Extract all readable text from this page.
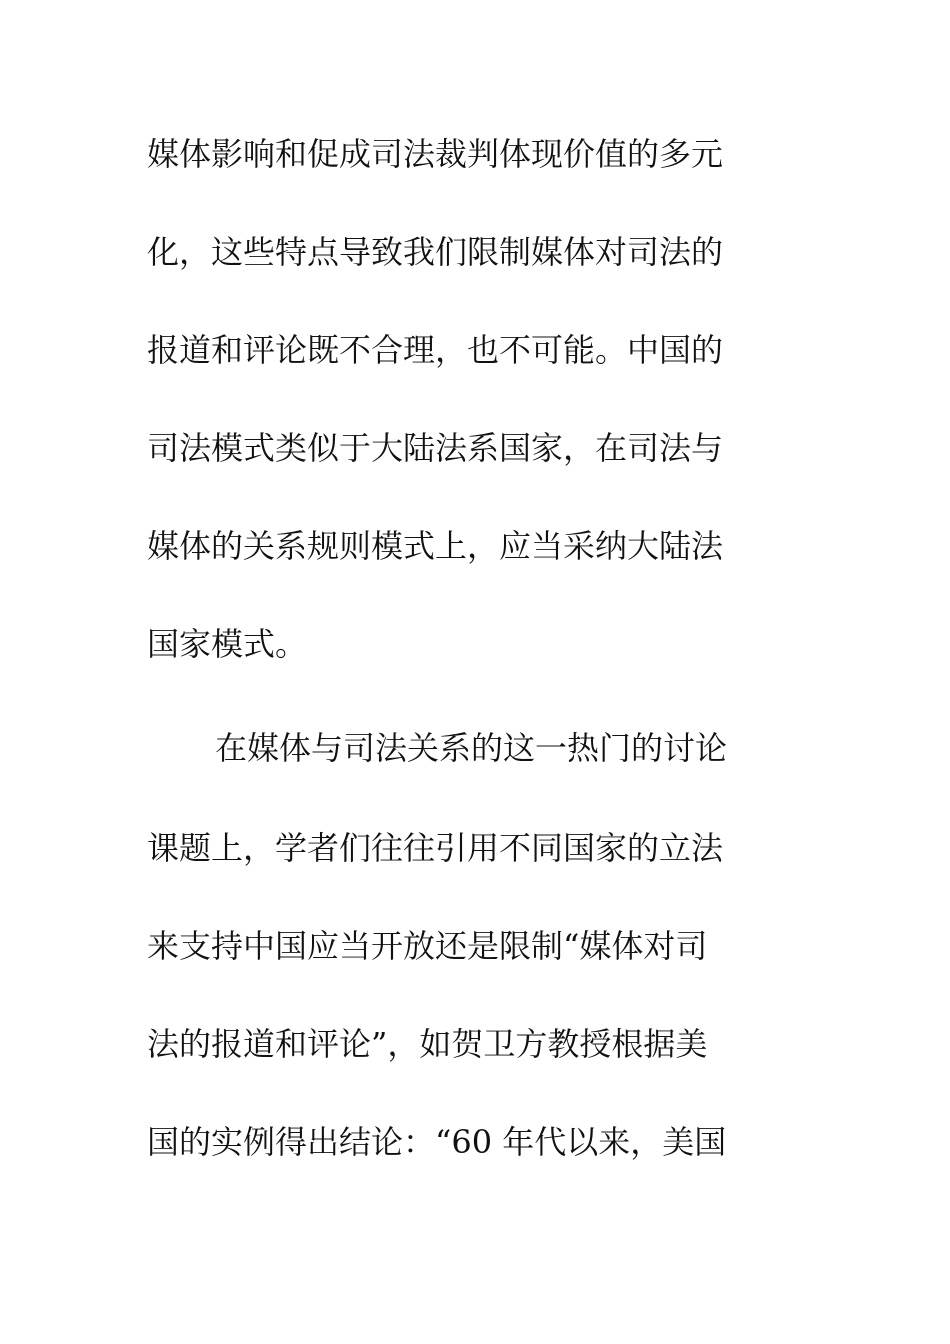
媒体影响和促成司法裁判体现价值的多元
化，这些特点导致我们限制媒体对司法的
报道和评论既不合理，也不可能。中国的
司法模式类似于大陆法系国家，在司法与
媒体的关系规则模式上，应当采纳大陆法
国家模式。
在媒体与司法关系的这一热门的讨论
课题上，学者们往往引用不同国家的立法
来支持中国应当开放还是限制“媒体对司
法的报道和评论”，如贺卫方教授根据美
国的实例得出结论：“60 年代以来，美国
